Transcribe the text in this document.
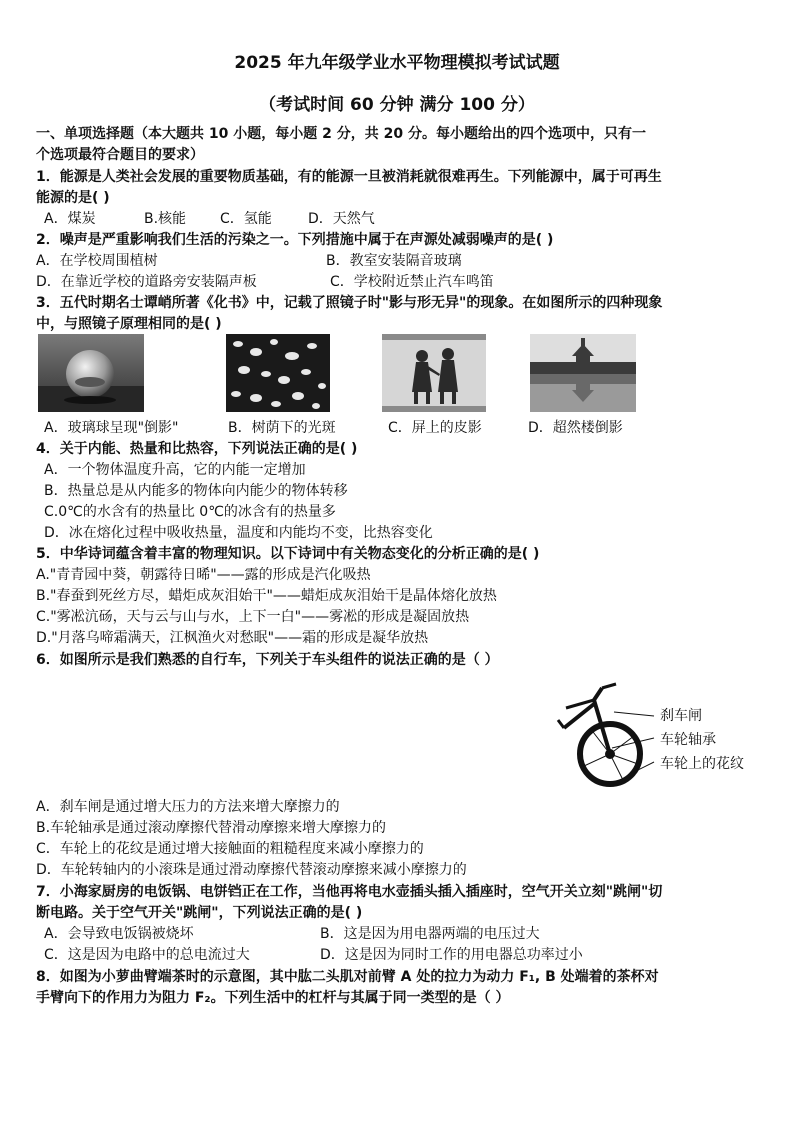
2025 年九年级学业水平物理模拟考试试题
（考试时间 60 分钟 满分 100 分）
一、单项选择题（本大题共 10 小题，每小题 2 分，共 20 分。每小题给出的四个选项中，只有一
个选项最符合题目的要求）
1．能源是人类社会发展的重要物质基础，有的能源一旦被消耗就很难再生。下列能源中，属于可再生
能源的是( )
A．煤炭	B.核能 C．氢能	D．天然气
2．噪声是严重影响我们生活的污染之一。下列措施中属于在声源处减弱噪声的是( )
A．在学校周围植树	B．教室安装隔音玻璃
D．在靠近学校的道路旁安装隔声板	C．学校附近禁止汽车鸣笛
3．五代时期名士谭峭所著《化书》中，记载了照镜子时"影与形无异"的现象。在如图所示的四种现象
中，与照镜子原理相同的是( )
A．玻璃球呈现"倒影"	B．树荫下的光斑	C．屏上的皮影	D．超然楼倒影
4．关于内能、热量和比热容，下列说法正确的是( )
A．一个物体温度升高，它的内能一定增加
B．热量总是从内能多的物体向内能少的物体转移
C.0℃的水含有的热量比 0℃的冰含有的热量多
D．冰在熔化过程中吸收热量，温度和内能均不变，比热容变化
5．中华诗词蕴含着丰富的物理知识。以下诗词中有关物态变化的分析正确的是( )
A."青青园中葵，朝露待日晞"——露的形成是汽化吸热
B."春蚕到死丝方尽，蜡炬成灰泪始干"——蜡炬成灰泪始干是晶体熔化放热
C."雾凇沆砀，天与云与山与水，上下一白"——雾凇的形成是凝固放热
D."月落乌啼霜满天，江枫渔火对愁眠"——霜的形成是凝华放热
6．如图所示是我们熟悉的自行车，下列关于车头组件的说法正确的是（ ）
刹车闸
车轮轴承
车轮上的花纹
A．刹车闸是通过增大压力的方法来增大摩擦力的
B.车轮轴承是通过滚动摩擦代替滑动摩擦来增大摩擦力的
C．车轮上的花纹是通过增大接触面的粗糙程度来减小摩擦力的
D．车轮转轴内的小滚珠是通过滑动摩擦代替滚动摩擦来减小摩擦力的
7．小海家厨房的电饭锅、电饼铛正在工作，当他再将电水壶插头插入插座时，空气开关立刻"跳闸"切
断电路。关于空气开关"跳闸"，下列说法正确的是( )
A．会导致电饭锅被烧坏	B．这是因为用电器两端的电压过大
C．这是因为电路中的总电流过大	D．这是因为同时工作的用电器总功率过小
8．如图为小萝曲臂端茶时的示意图，其中肱二头肌对前臂 A 处的拉力为动力 F₁, B 处端着的茶杯对
手臂向下的作用力为阻力 F₂。下列生活中的杠杆与其属于同一类型的是（ ）
